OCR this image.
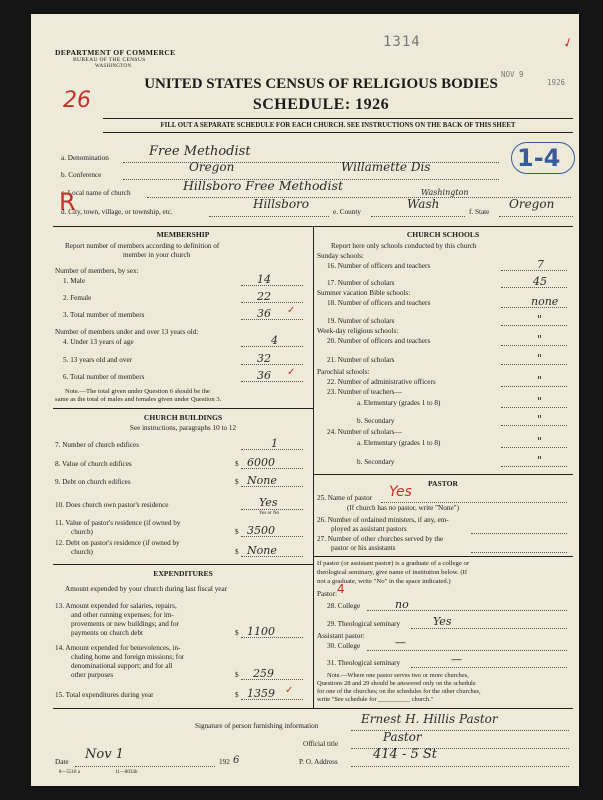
DEPARTMENT OF COMMERCE
BUREAU OF THE CENSUS
WASHINGTON
1314
NOV 9
1926
✓
UNITED STATES CENSUS OF RELIGIOUS BODIES
SCHEDULE: 1926
26
FILL OUT A SEPARATE SCHEDULE FOR EACH CHURCH. SEE INSTRUCTIONS ON THE BACK OF THIS SHEET
a. Denomination	Free Methodist
b. Conference
Oregon	Willamette Dis	1-4
c. Local name of church	Hillsboro Free Methodist
R
d. City, town, village, or township, etc.
Hillsboro
e. County
Wash
Washington
f. State
Oregon
MEMBERSHIP
Report number of members according to definition of
member in your church
Number of members, by sex:
1. Male	14
2. Female	22
3. Total number of members	36 ✓
Number of members under and over 13 years old:
4. Under 13 years of age	4
5. 13 years old and over	32
6. Total number of members	36 ✓
Note.—The total given under Question 6 should be the
same as the total of males and females given under Question 3.
CHURCH BUILDINGS
See instructions, paragraphs 10 to 12
7. Number of church edifices	1
8. Value of church edifices	$ 6000
9. Debt on church edifices	$ None
10. Does church own pastor's residence	Yes
Yes or No
11. Value of pastor's residence (if owned by
church)	$ 3500
12. Debt on pastor's residence (if owned by
church)	$ None
EXPENDITURES
Amount expended by your church during last fiscal year
13. Amount expended for salaries, repairs,
and other running expenses; for im-
provements or new buildings; and for
payments on church debt	$ 1100
14. Amount expended for benevolences, in-
cluding home and foreign missions; for
denominational support; and for all
other purposes	$ 259
15. Total expenditures during year	$ 1359 ✓
CHURCH SCHOOLS
Report here only schools conducted by this church
Sunday schools:
16. Number of officers and teachers	7
17. Number of scholars	45
Summer vacation Bible schools:
18. Number of officers and teachers	none
19. Number of scholars	"
Week-day religious schools:
20. Number of officers and teachers	"
21. Number of scholars	"
Parochial schools:
22. Number of administrative officers	"
23. Number of teachers—
a. Elementary (grades 1 to 8)	"
b. Secondary	"
24. Number of scholars—
a. Elementary (grades 1 to 8)	"
b. Secondary	"
PASTOR
25. Name of pastor Yes
(If church has no pastor, write "None")
26. Number of ordained ministers, if any, em-
ployed as assistant pastors
27. Number of other churches served by the
pastor or his assistants
If pastor (or assistant pastor) is a graduate of a college or
theological seminary, give name of institution below. (If
not a graduate, write "No" in the space indicated.)
Pastor: 4
28. College	no
29. Theological seminary	Yes
Assistant pastor:
30. College	—
31. Theological seminary	—
Note.—Where one pastor serves two or more churches,
Questions 28 and 29 should be answered only on the schedule
for one of the churches; on the schedules for the other churches,
write "See schedule for __________ church."
Signature of person furnishing information	Ernest H. Hillis Pastor
Official title	Pastor
Date Nov 1	192 6	P. O. Address	414 - 5 St
8—5518 a	11—8034b
